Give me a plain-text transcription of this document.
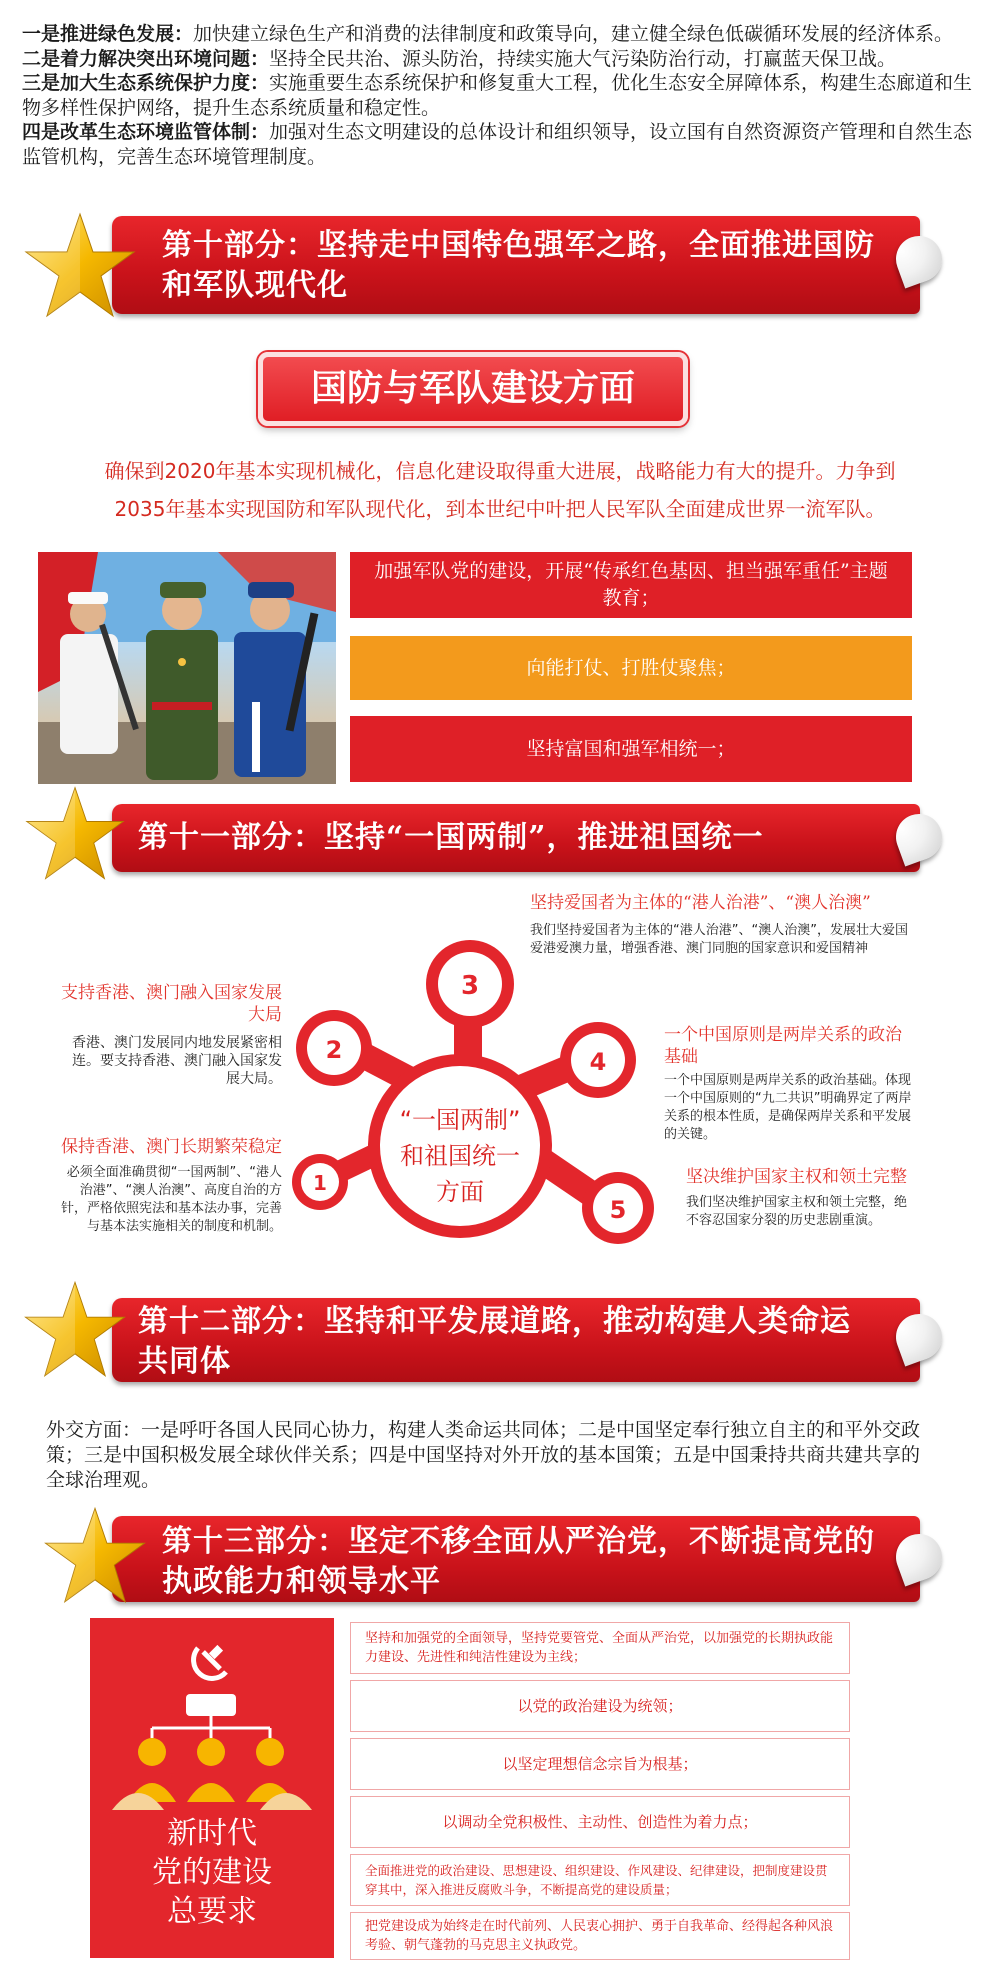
一是推进绿色发展：加快建立绿色生产和消费的法律制度和政策导向，建立健全绿色低碳循环发展的经济体系。

二是着力解决突出环境问题：坚持全民共治、源头防治，持续实施大气污染防治行动，打赢蓝天保卫战。

三是加大生态系统保护力度：实施重要生态系统保护和修复重大工程，优化生态安全屏障体系，构建生态廊道和生物多样性保护网络，提升生态系统质量和稳定性。

四是改革生态环境监管体制：加强对生态文明建设的总体设计和组织领导，设立国有自然资源资产管理和自然生态监管机构，完善生态环境管理制度。

第十部分：坚持走中国特色强军之路，全面推进国防和军队现代化
国防与军队建设方面
确保到2020年基本实现机械化，信息化建设取得重大进展，战略能力有大的提升。力争到
2035年基本实现国防和军队现代化，到本世纪中叶把人民军队全面建成世界一流军队。
加强军队党的建设，开展“传承红色基因、担当强军重任”主题教育；
向能打仗、打胜仗聚焦；
坚持富国和强军相统一；
第十一部分：坚持“一国两制”，推进祖国统一
3
2	4
1
5
“一国两制”
和祖国统一
方面
坚持爱国者为主体的“港人治港”、“澳人治澳”
我们坚持爱国者为主体的“港人治港”、“澳人治澳”，发展壮大爱国爱港爱澳力量，增强香港、澳门同胞的国家意识和爱国精神
支持香港、澳门融入国家发展大局
香港、澳门发展同内地发展紧密相连。要支持香港、澳门融入国家发展大局。
一个中国原则是两岸关系的政治基础
一个中国原则是两岸关系的政治基础。体现一个中国原则的“九二共识”明确界定了两岸关系的根本性质，是确保两岸关系和平发展的关键。
保持香港、澳门长期繁荣稳定
必须全面准确贯彻“一国两制”、“港人治港”、“澳人治澳”、高度自治的方针，严格依照宪法和基本法办事，完善与基本法实施相关的制度和机制。
坚决维护国家主权和领土完整
我们坚决维护国家主权和领土完整，绝不容忍国家分裂的历史悲剧重演。
第十二部分：坚持和平发展道路，推动构建人类命运共同体
外交方面：一是呼吁各国人民同心协力，构建人类命运共同体；二是中国坚定奉行独立自主的和平外交政策；三是中国积极发展全球伙伴关系；四是中国坚持对外开放的基本国策；五是中国秉持共商共建共享的全球治理观。
第十三部分：坚定不移全面从严治党，不断提高党的执政能力和领导水平
新时代
党的建设
总要求
坚持和加强党的全面领导，坚持党要管党、全面从严治党，以加强党的长期执政能力建设、先进性和纯洁性建设为主线；
以党的政治建设为统领；
以坚定理想信念宗旨为根基；
以调动全党积极性、主动性、创造性为着力点；
全面推进党的政治建设、思想建设、组织建设、作风建设、纪律建设，把制度建设贯穿其中，深入推进反腐败斗争，不断提高党的建设质量；
把党建设成为始终走在时代前列、人民衷心拥护、勇于自我革命、经得起各种风浪考验、朝气蓬勃的马克思主义执政党。
